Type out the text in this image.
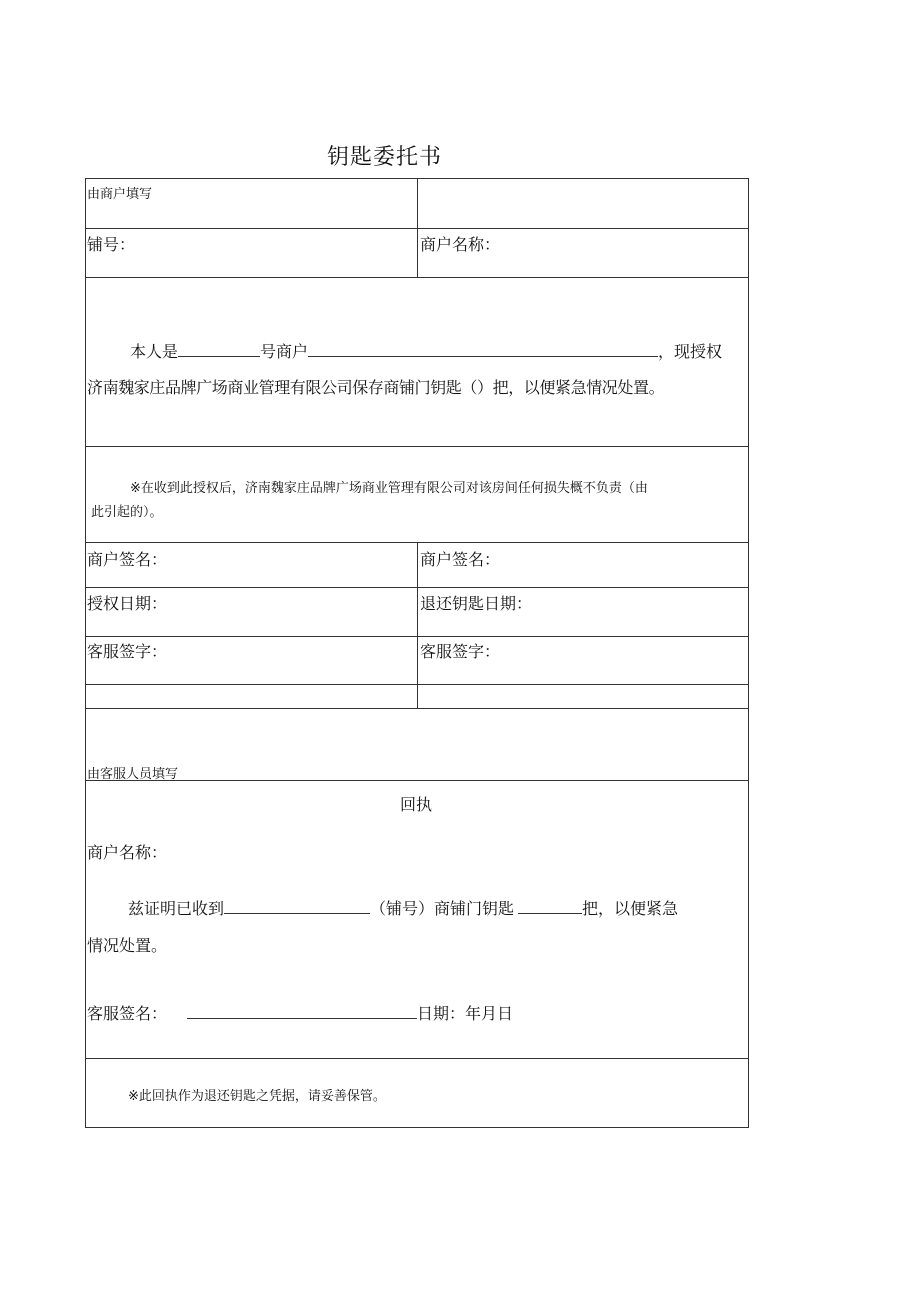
钥匙委托书
由商户填写
铺号：	商户名称：
本人是	号商户	，现授权
济南魏家庄品牌广场商业管理有限公司保存商铺门钥匙（）把，以便紧急情况处置。
※在收到此授权后，济南魏家庄品牌广场商业管理有限公司对该房间任何损失概不负责（由
此引起的）。
商户签名：	商户签名：
授权日期：	退还钥匙日期：
客服签字：	客服签字：
由客服人员填写
回执
商户名称：
兹证明已收到	（铺号）商铺门钥匙	把，以便紧急
情况处置。
客服签名：	日期：年月日
※此回执作为退还钥匙之凭据，请妥善保管。
